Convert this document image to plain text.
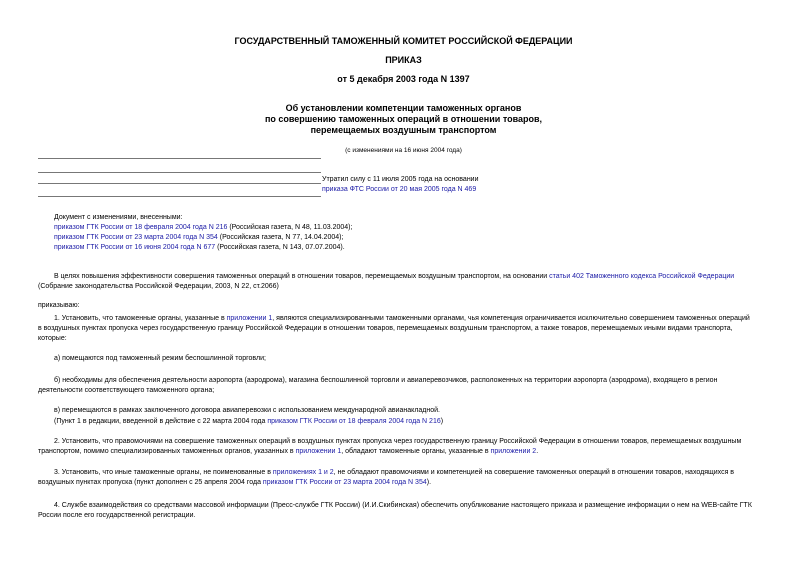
ГОСУДАРСТВЕННЫЙ ТАМОЖЕННЫЙ КОМИТЕТ РОССИЙСКОЙ ФЕДЕРАЦИИ
ПРИКАЗ
от 5 декабря 2003 года N 1397
Об установлении компетенции таможенных органов
по совершению таможенных операций в отношении товаров,
перемещаемых воздушным транспортом
(с изменениями на 16 июня 2004 года)
Утратил силу с 11 июля 2005 года на основании
приказа ФТС России от 20 мая 2005 года N 469
Документ с изменениями, внесенными:
приказом ГТК России от 18 февраля 2004 года N 216 (Российская газета, N 48, 11.03.2004);
приказом ГТК России от 23 марта 2004 года N 354 (Российская газета, N 77, 14.04.2004);
приказом ГТК России от 16 июня 2004 года N 677 (Российская газета, N 143, 07.07.2004).
В целях повышения эффективности совершения таможенных операций в отношении товаров, перемещаемых воздушным транспортом, на основании статьи 402 Таможенного кодекса Российской Федерации
(Собрание законодательства Российской Федерации, 2003, N 22, ст.2066)
приказываю:
1. Установить, что таможенные органы, указанные в приложении 1, являются специализированными таможенными органами, чья компетенция ограничивается исключительно совершением таможенных операций
в воздушных пунктах пропуска через государственную границу Российской Федерации в отношении товаров, перемещаемых воздушным транспортом, а также товаров, перемещаемых иными видами транспорта,
которые:
а) помещаются под таможенный режим беспошлинной торговли;
б) необходимы для обеспечения деятельности аэропорта (аэродрома), магазина беспошлинной торговли и авиаперевозчиков, расположенных на территории аэропорта (аэродрома), входящего в регион
деятельности соответствующего таможенного органа;
в) перемещаются в рамках заключенного договора авиаперевозки с использованием международной авианакладной.
(Пункт 1 в редакции, введенной в действие с 22 марта 2004 года приказом ГТК России от 18 февраля 2004 года N 216)
2. Установить, что правомочиями на совершение таможенных операций в воздушных пунктах пропуска через государственную границу Российской Федерации в отношении товаров, перемещаемых воздушным
транспортом, помимо специализированных таможенных органов, указанных в приложении 1, обладают таможенные органы, указанные в приложении 2.
3. Установить, что иные таможенные органы, не поименованные в приложениях 1 и 2, не обладают правомочиями и компетенцией на совершение таможенных операций в отношении товаров, находящихся в
воздушных пунктах пропуска (пункт дополнен с 25 апреля 2004 года приказом ГТК России от 23 марта 2004 года N 354).
4. Службе взаимодействия со средствами массовой информации (Пресс-службе ГТК России) (И.И.Скибинская) обеспечить опубликование настоящего приказа и размещение информации о нем на WEB-сайте ГТК
России после его государственной регистрации.
